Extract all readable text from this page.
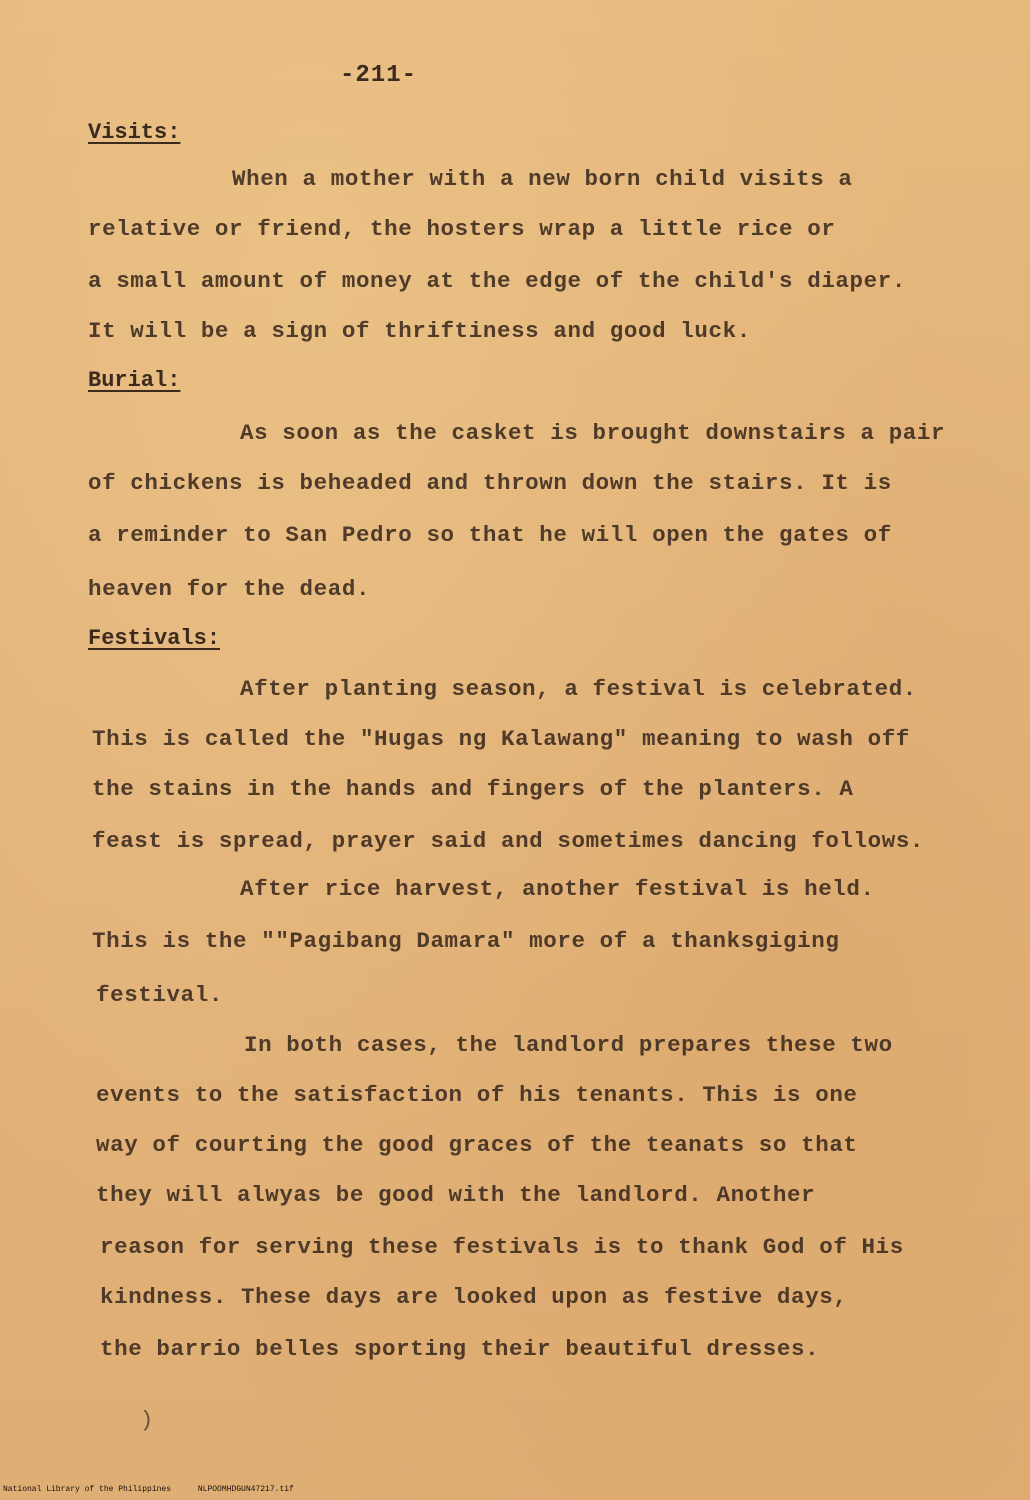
-211-
Visits:
When a mother with a new born child visits a
relative or friend, the hosters wrap a little rice or
a small amount of money at the edge of the child's diaper.
It will be a sign of thriftiness and good luck.
Burial:
As soon as the casket is brought downstairs a pair
of chickens is beheaded and thrown down the stairs. It is
a reminder to San Pedro so that he will open the gates of
heaven for the dead.
Festivals:
After planting season, a festival is celebrated.
This is called the "Hugas ng Kalawang" meaning to wash off
the stains in the hands and fingers of the planters. A
feast is spread, prayer said and sometimes dancing follows.
After rice harvest, another festival is held.
This is the ""Pagibang Damara" more of a thanksgiging
festival.
In both cases, the landlord prepares these two
events to the satisfaction of his tenants. This is one
way of courting the good graces of the teanats so that
they will alwyas be good with the landlord. Another
reason for serving these festivals is to thank God of His
kindness. These days are looked upon as festive days,
the barrio belles sporting their beautiful dresses.
)
National Library of the Philippines	NLPOOMHDGUN47217.tif
